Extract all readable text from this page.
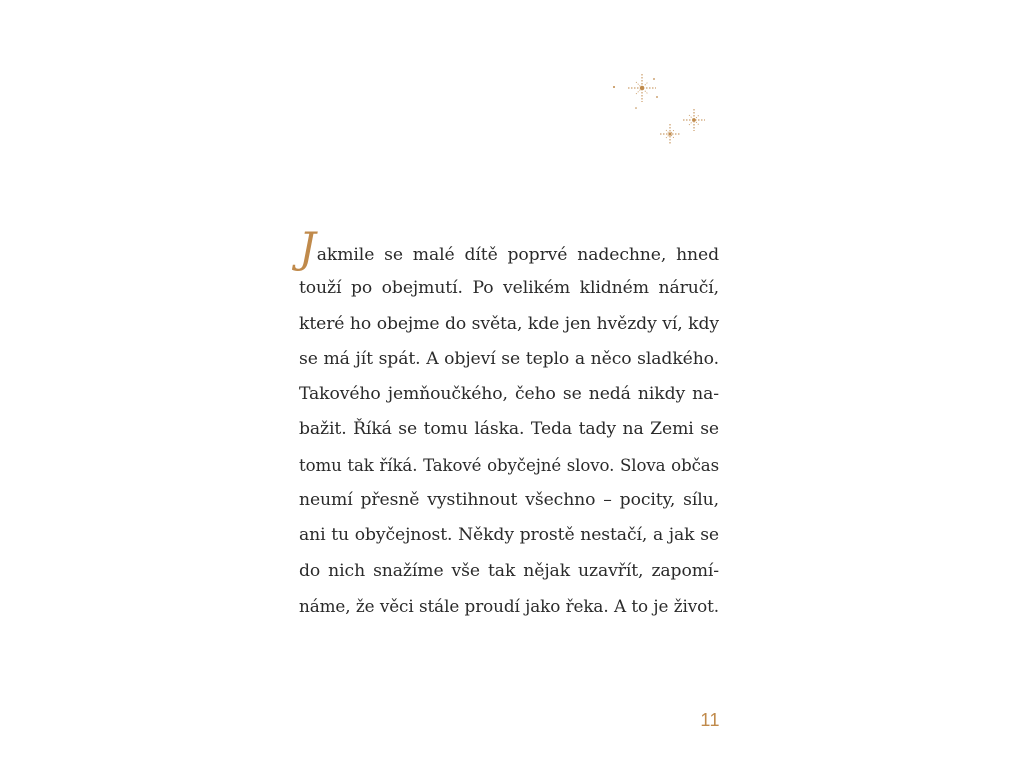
Jakmile se malé dítě poprvé nadechne, hned
touží po obejmutí. Po velikém klidném náručí,
které ho obejme do světa, kde jen hvězdy ví, kdy
se má jít spát. A objeví se teplo a něco sladkého.
Takového jemňoučkého, čeho se nedá nikdy na-
bažit. Říká se tomu láska. Teda tady na Zemi se
tomu tak říká. Takové obyčejné slovo. Slova občas
neumí přesně vystihnout všechno – pocity, sílu,
ani tu obyčejnost. Někdy prostě nestačí, a jak se
do nich snažíme vše tak nějak uzavřít, zapomí-
náme, že věci stále proudí jako řeka. A to je život.
11
